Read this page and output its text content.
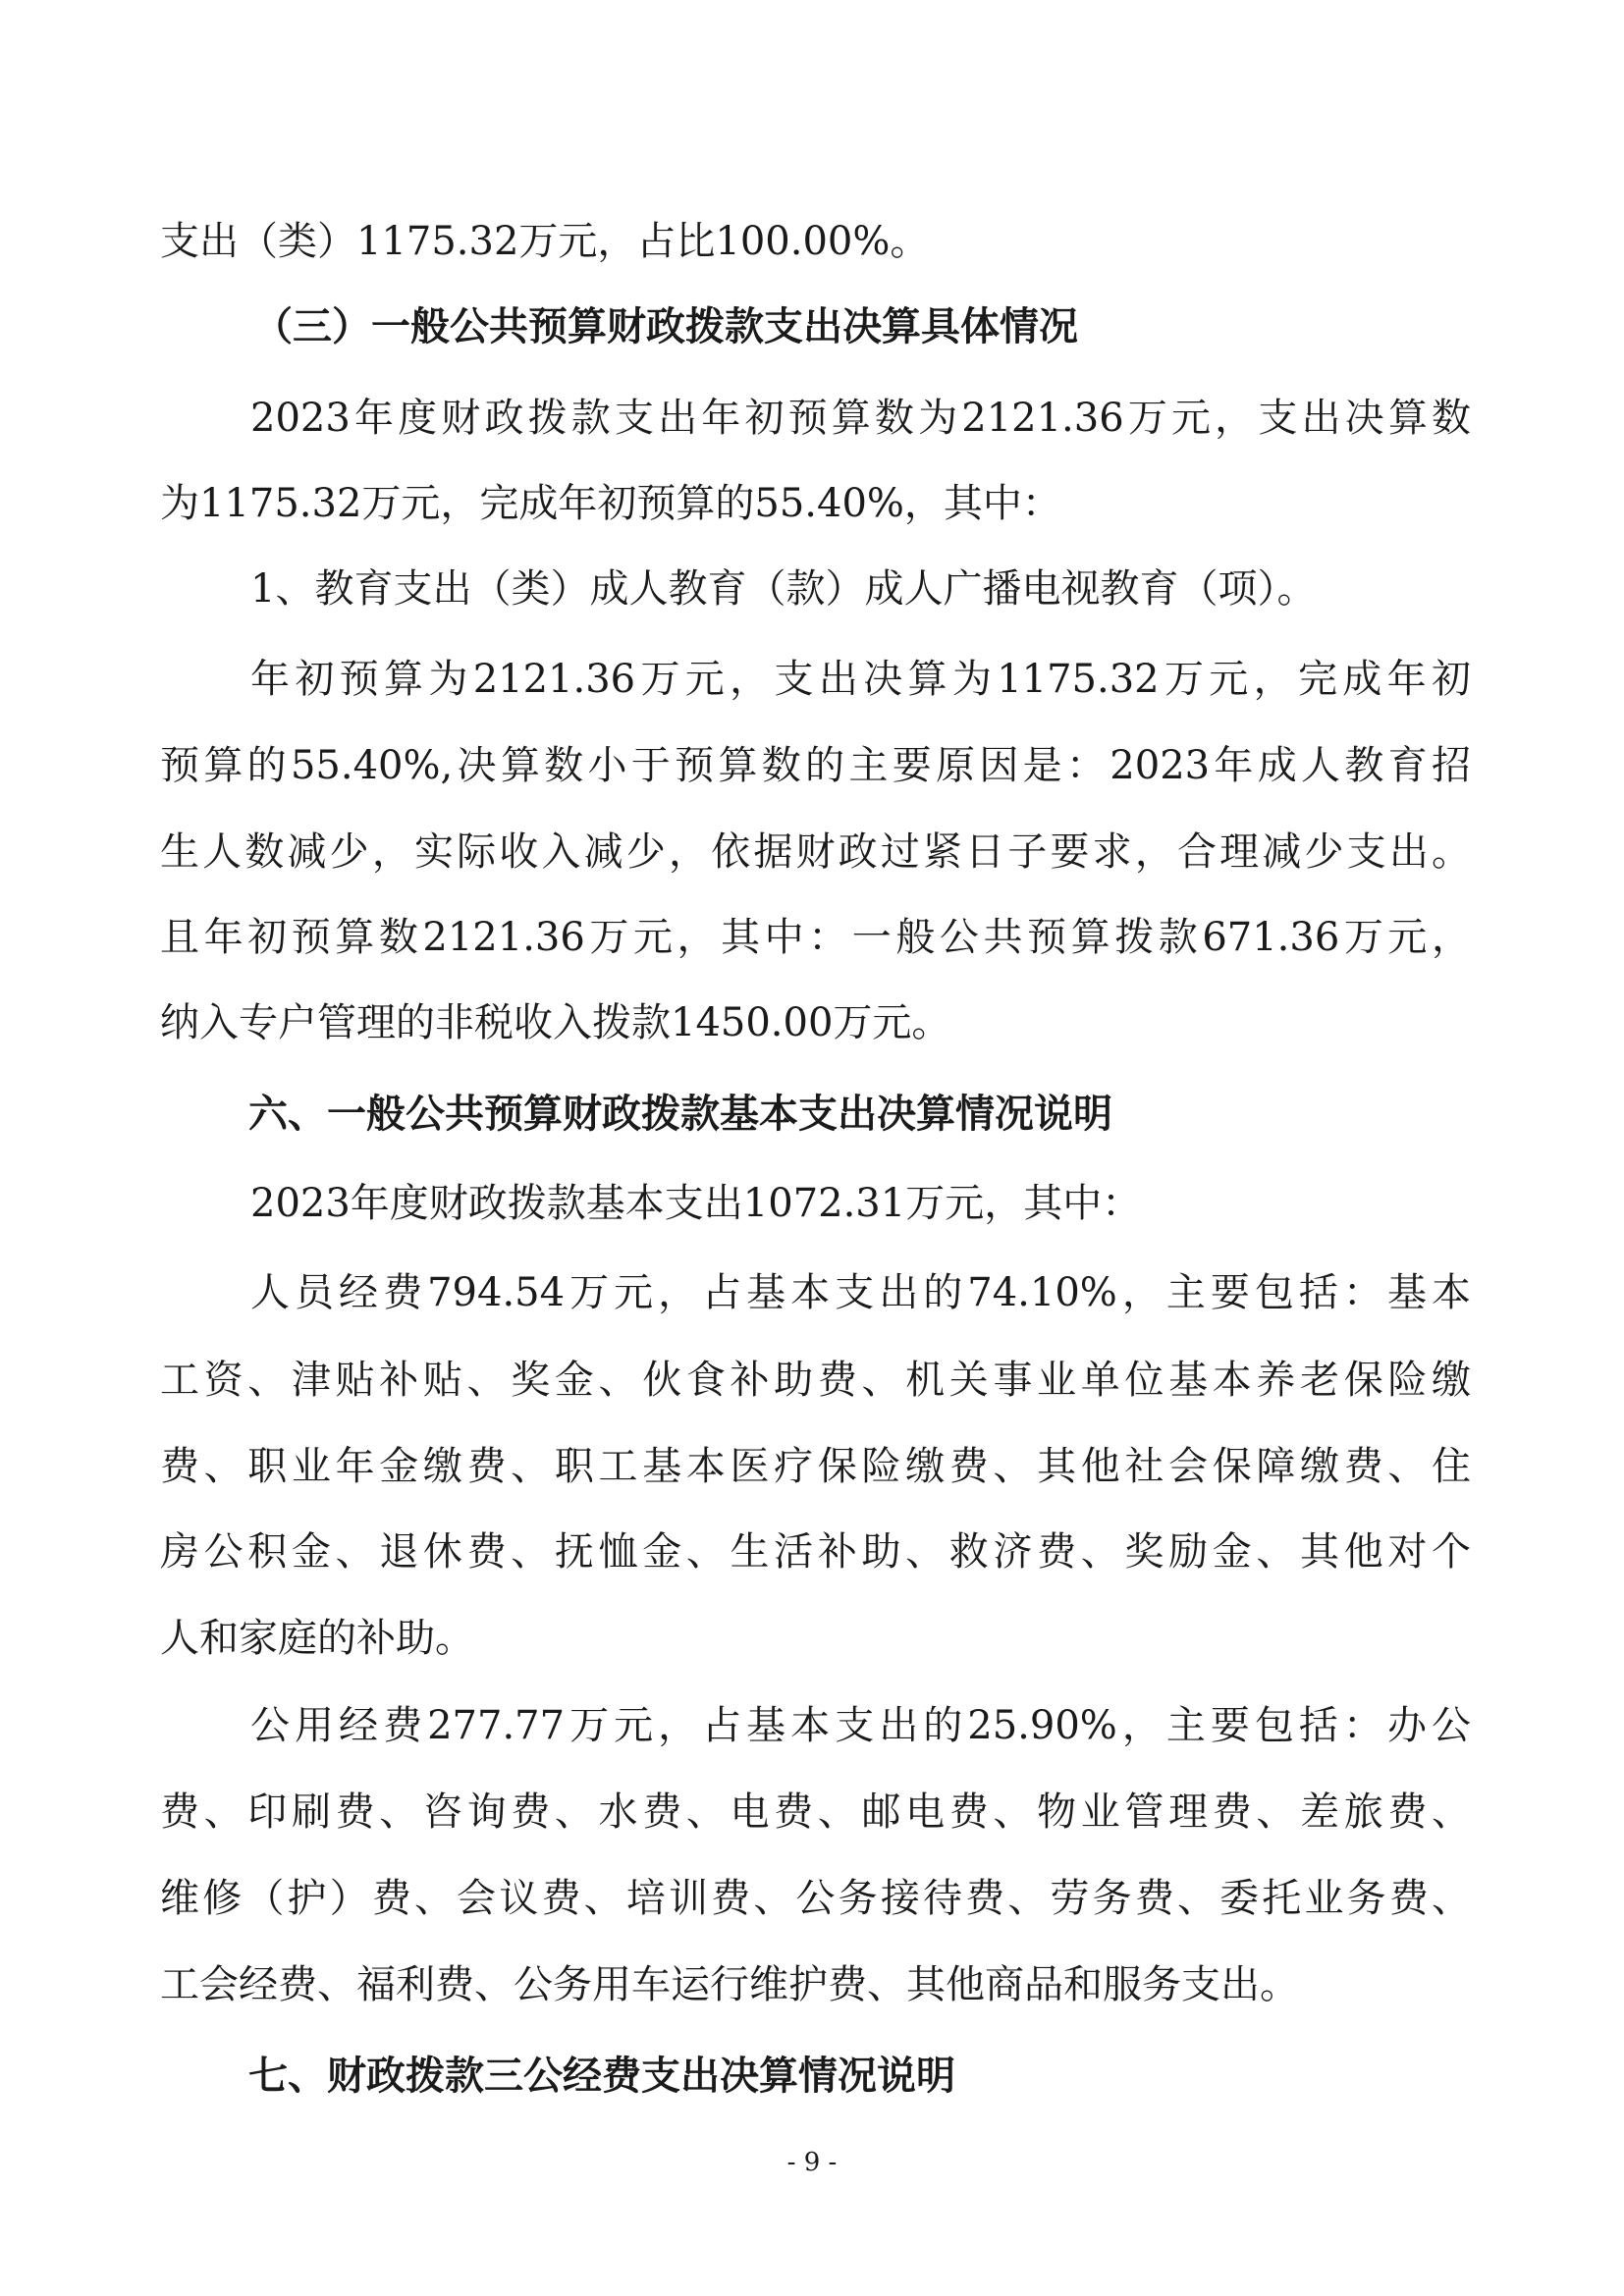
支出（类）1175.32万元，占比100.00%。
（三）一般公共预算财政拨款支出决算具体情况
2023年度财政拨款支出年初预算数为2121.36万元，支出决算数
为1175.32万元，完成年初预算的55.40%，其中：
1、教育支出（类）成人教育（款）成人广播电视教育（项）。
年初预算为2121.36万元，支出决算为1175.32万元，完成年初
预算的55.40%,决算数小于预算数的主要原因是：2023年成人教育招
生人数减少，实际收入减少，依据财政过紧日子要求，合理减少支出。
且年初预算数2121.36万元，其中：一般公共预算拨款671.36万元，
纳入专户管理的非税收入拨款1450.00万元。
六、一般公共预算财政拨款基本支出决算情况说明
2023年度财政拨款基本支出1072.31万元，其中：
人员经费794.54万元，占基本支出的74.10%，主要包括：基本
工资、津贴补贴、奖金、伙食补助费、机关事业单位基本养老保险缴
费、职业年金缴费、职工基本医疗保险缴费、其他社会保障缴费、住
房公积金、退休费、抚恤金、生活补助、救济费、奖励金、其他对个
人和家庭的补助。
公用经费277.77万元，占基本支出的25.90%，主要包括：办公
费、印刷费、咨询费、水费、电费、邮电费、物业管理费、差旅费、
维修（护）费、会议费、培训费、公务接待费、劳务费、委托业务费、
工会经费、福利费、公务用车运行维护费、其他商品和服务支出。
七、财政拨款三公经费支出决算情况说明
- 9 -
